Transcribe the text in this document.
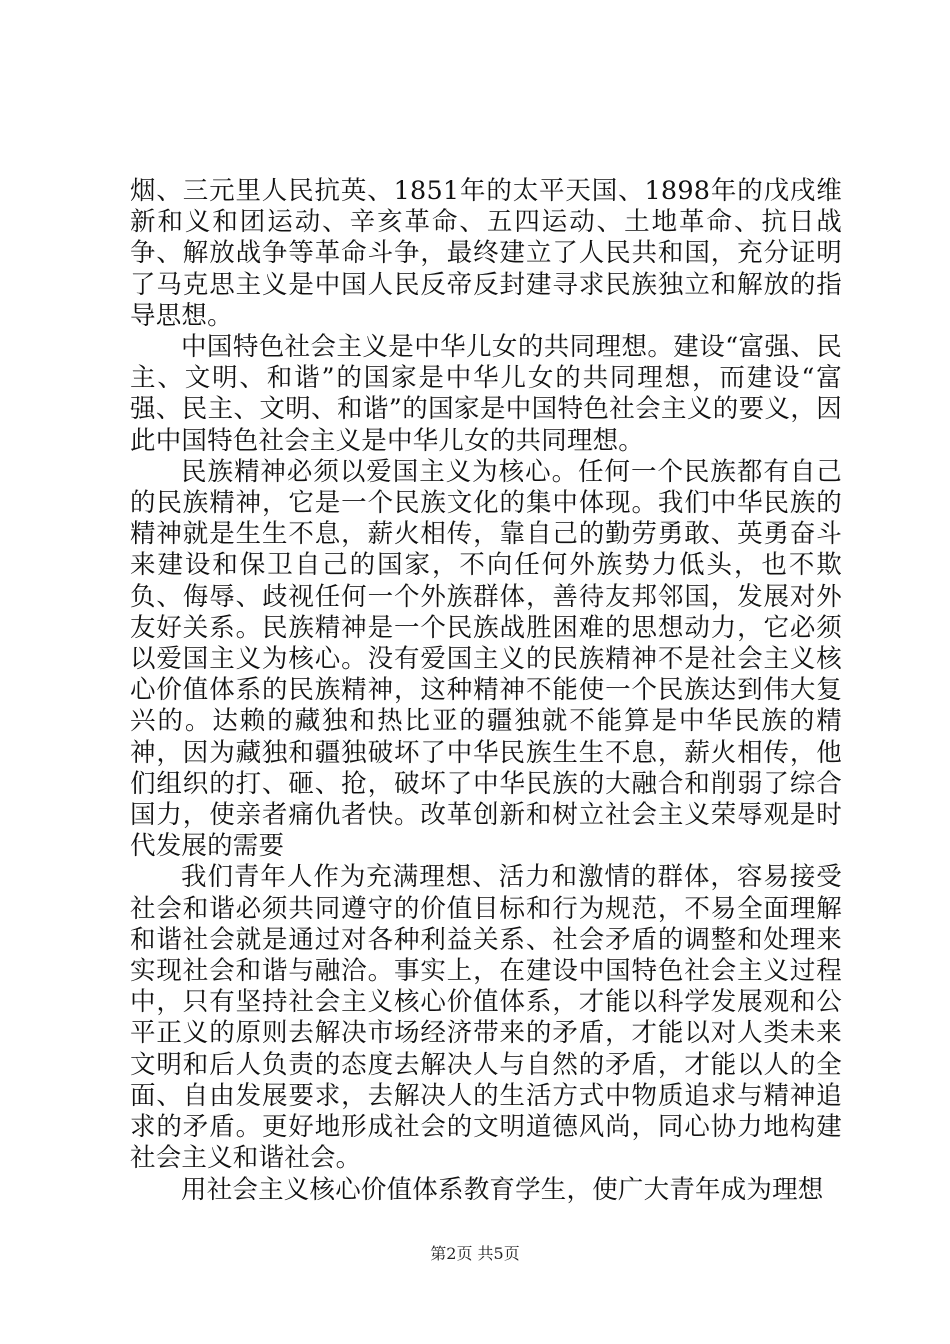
烟、三元里人民抗英、1851年的太平天国、1898年的戊戌维新和义和团运动、辛亥革命、五四运动、土地革命、抗日战争、解放战争等革命斗争，最终建立了人民共和国，充分证明了马克思主义是中国人民反帝反封建寻求民族独立和解放的指导思想。

中国特色社会主义是中华儿女的共同理想。建设“富强、民主、文明、和谐”的国家是中华儿女的共同理想，而建设“富强、民主、文明、和谐”的国家是中国特色社会主义的要义，因此中国特色社会主义是中华儿女的共同理想。

民族精神必须以爱国主义为核心。任何一个民族都有自己的民族精神，它是一个民族文化的集中体现。我们中华民族的精神就是生生不息，薪火相传，靠自己的勤劳勇敢、英勇奋斗来建设和保卫自己的国家，不向任何外族势力低头，也不欺负、侮辱、歧视任何一个外族群体，善待友邦邻国，发展对外友好关系。民族精神是一个民族战胜困难的思想动力，它必须以爱国主义为核心。没有爱国主义的民族精神不是社会主义核心价值体系的民族精神，这种精神不能使一个民族达到伟大复兴的。达赖的藏独和热比亚的疆独就不能算是中华民族的精神，因为藏独和疆独破坏了中华民族生生不息，薪火相传，他们组织的打、砸、抢，破坏了中华民族的大融合和削弱了综合国力，使亲者痛仇者快。改革创新和树立社会主义荣辱观是时代发展的需要

我们青年人作为充满理想、活力和激情的群体，容易接受社会和谐必须共同遵守的价值目标和行为规范，不易全面理解和谐社会就是通过对各种利益关系、社会矛盾的调整和处理来实现社会和谐与融洽。事实上，在建设中国特色社会主义过程中，只有坚持社会主义核心价值体系，才能以科学发展观和公平正义的原则去解决市场经济带来的矛盾，才能以对人类未来文明和后人负责的态度去解决人与自然的矛盾，才能以人的全面、自由发展要求，去解决人的生活方式中物质追求与精神追求的矛盾。更好地形成社会的文明道德风尚，同心协力地构建社会主义和谐社会。

用社会主义核心价值体系教育学生，使广大青年成为理想

第2页 共5页
